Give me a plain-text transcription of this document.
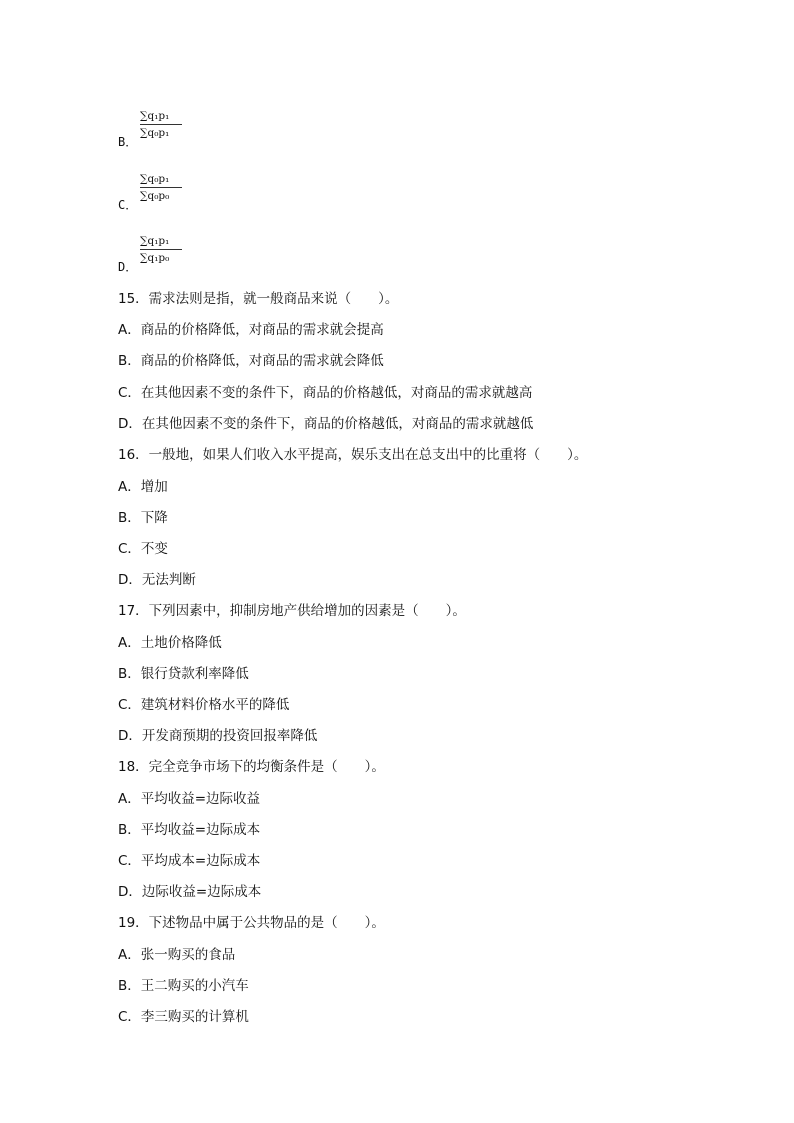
$\frac{\text{∑q₁p₁}}{\text{∑q₀p₁}}$
B．
$\frac{\text{∑q₀p₁}}{\text{∑q₀p₀}}$
C．
$\frac{\text{∑q₁p₁}}{\text{∑q₁p₀}}$
D．
15．需求法则是指，就一般商品来说（　　）。
A．商品的价格降低，对商品的需求就会提高
B．商品的价格降低，对商品的需求就会降低
C．在其他因素不变的条件下，商品的价格越低，对商品的需求就越高
D．在其他因素不变的条件下，商品的价格越低，对商品的需求就越低
16．一般地，如果人们收入水平提高，娱乐支出在总支出中的比重将（　　）。
A．增加
B．下降
C．不变
D．无法判断
17．下列因素中，抑制房地产供给增加的因素是（　　）。
A．土地价格降低
B．银行贷款利率降低
C．建筑材料价格水平的降低
D．开发商预期的投资回报率降低
18．完全竞争市场下的均衡条件是（　　）。
A．平均收益=边际收益
B．平均收益=边际成本
C．平均成本=边际成本
D．边际收益=边际成本
19．下述物品中属于公共物品的是（　　）。
A．张一购买的食品
B．王二购买的小汽车
C．李三购买的计算机
